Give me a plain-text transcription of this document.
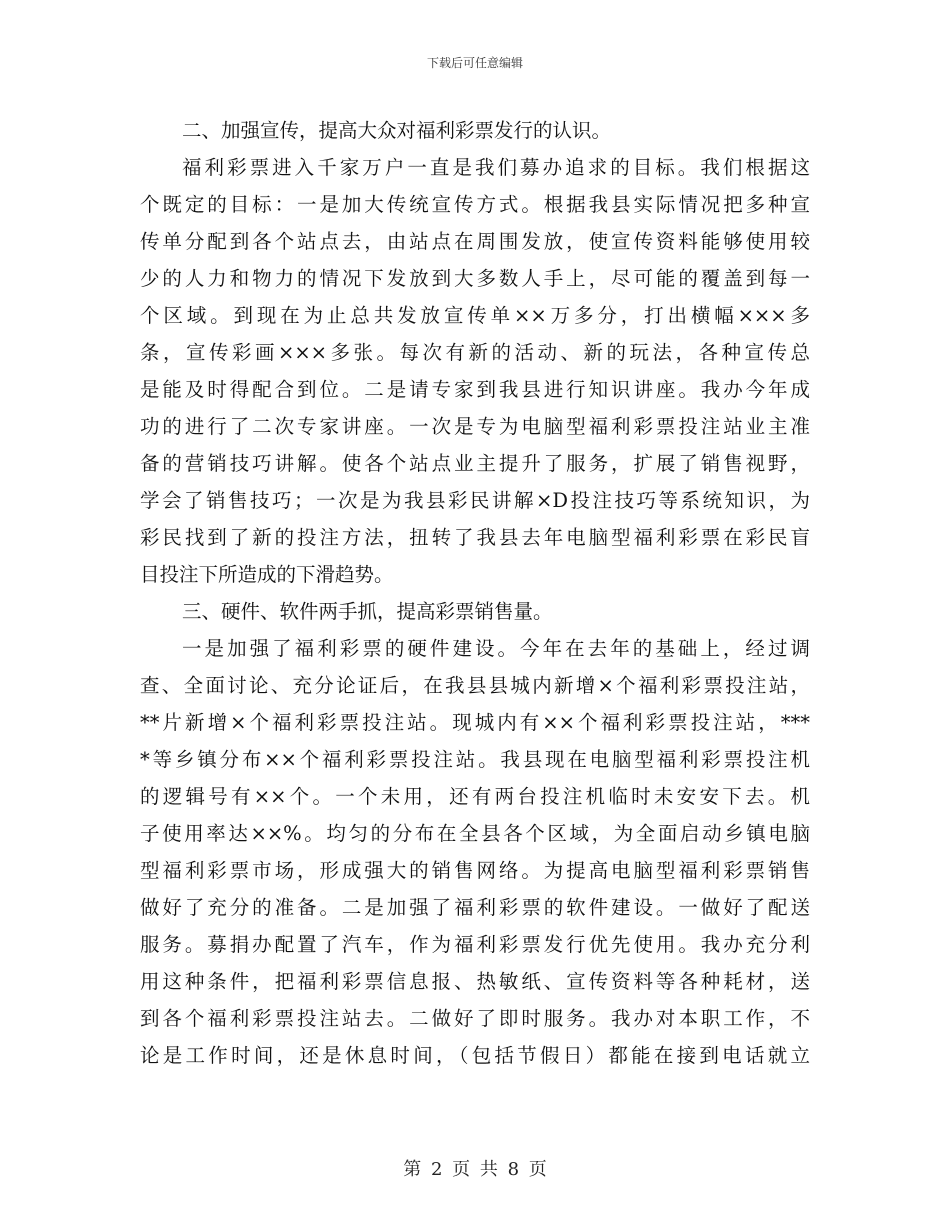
下载后可任意编辑
二、加强宣传，提高大众对福利彩票发行的认识。
福利彩票进入千家万户一直是我们募办追求的目标。我们根据这
个既定的目标：一是加大传统宣传方式。根据我县实际情况把多种宣
传单分配到各个站点去，由站点在周围发放，使宣传资料能够使用较
少的人力和物力的情况下发放到大多数人手上，尽可能的覆盖到每一
个区域。到现在为止总共发放宣传单××万多分，打出横幅×××多
条，宣传彩画×××多张。每次有新的活动、新的玩法，各种宣传总
是能及时得配合到位。二是请专家到我县进行知识讲座。我办今年成
功的进行了二次专家讲座。一次是专为电脑型福利彩票投注站业主准
备的营销技巧讲解。使各个站点业主提升了服务，扩展了销售视野，
学会了销售技巧；一次是为我县彩民讲解×D投注技巧等系统知识，为
彩民找到了新的投注方法，扭转了我县去年电脑型福利彩票在彩民盲
目投注下所造成的下滑趋势。
三、硬件、软件两手抓，提高彩票销售量。
一是加强了福利彩票的硬件建设。今年在去年的基础上，经过调
查、全面讨论、充分论证后，在我县县城内新增×个福利彩票投注站，
**片新增×个福利彩票投注站。现城内有××个福利彩票投注站，***
*等乡镇分布××个福利彩票投注站。我县现在电脑型福利彩票投注机
的逻辑号有××个。一个未用，还有两台投注机临时未安安下去。机
子使用率达××%。均匀的分布在全县各个区域，为全面启动乡镇电脑
型福利彩票市场，形成强大的销售网络。为提高电脑型福利彩票销售
做好了充分的准备。二是加强了福利彩票的软件建设。一做好了配送
服务。募捐办配置了汽车，作为福利彩票发行优先使用。我办充分利
用这种条件，把福利彩票信息报、热敏纸、宣传资料等各种耗材，送
到各个福利彩票投注站去。二做好了即时服务。我办对本职工作，不
论是工作时间，还是休息时间，（包括节假日）都能在接到电话就立
第 2 页 共 8 页
